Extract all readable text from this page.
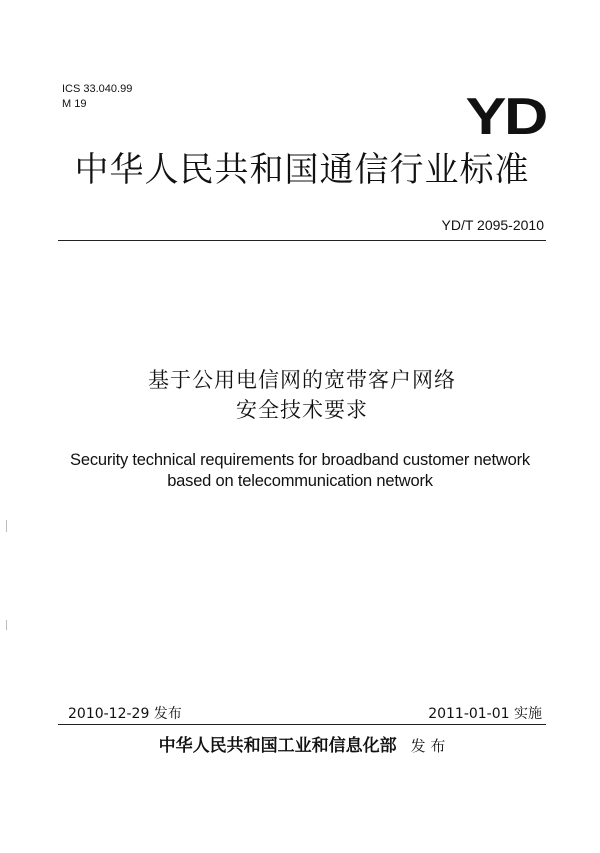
ICS 33.040.99
M 19	YD
中华人民共和国通信行业标准
YD/T 2095-2010
基于公用电信网的宽带客户网络
安全技术要求
Security technical requirements for broadband customer network
based on telecommunication network
2010-12-29 发布	2011-01-01 实施
中华人民共和国工业和信息化部 发 布
